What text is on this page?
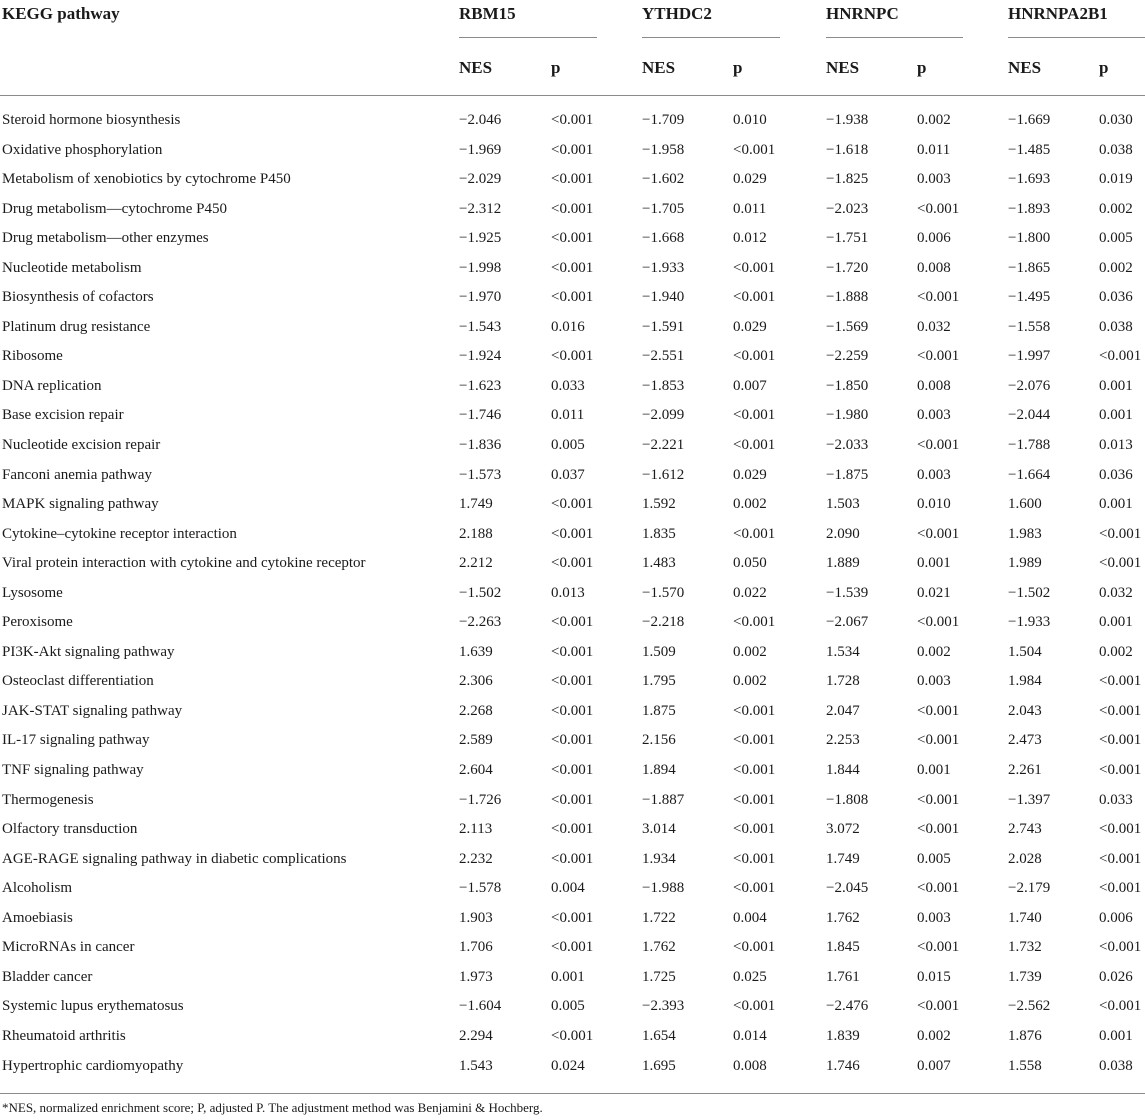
KEGG pathway	RBM15	YTHDC2	HNRNPC	HNRNPA2B1
NES	p	NES	p	NES	p	NES	p
Steroid hormone biosynthesis	−2.046	<0.001	−1.709	0.010	−1.938	0.002	−1.669	0.030
Oxidative phosphorylation	−1.969	<0.001	−1.958	<0.001	−1.618	0.011	−1.485	0.038
Metabolism of xenobiotics by cytochrome P450	−2.029	<0.001	−1.602	0.029	−1.825	0.003	−1.693	0.019
Drug metabolism—cytochrome P450	−2.312	<0.001	−1.705	0.011	−2.023	<0.001	−1.893	0.002
Drug metabolism—other enzymes	−1.925	<0.001	−1.668	0.012	−1.751	0.006	−1.800	0.005
Nucleotide metabolism	−1.998	<0.001	−1.933	<0.001	−1.720	0.008	−1.865	0.002
Biosynthesis of cofactors	−1.970	<0.001	−1.940	<0.001	−1.888	<0.001	−1.495	0.036
Platinum drug resistance	−1.543	0.016	−1.591	0.029	−1.569	0.032	−1.558	0.038
Ribosome	−1.924	<0.001	−2.551	<0.001	−2.259	<0.001	−1.997	<0.001
DNA replication	−1.623	0.033	−1.853	0.007	−1.850	0.008	−2.076	0.001
Base excision repair	−1.746	0.011	−2.099	<0.001	−1.980	0.003	−2.044	0.001
Nucleotide excision repair	−1.836	0.005	−2.221	<0.001	−2.033	<0.001	−1.788	0.013
Fanconi anemia pathway	−1.573	0.037	−1.612	0.029	−1.875	0.003	−1.664	0.036
MAPK signaling pathway	1.749	<0.001	1.592	0.002	1.503	0.010	1.600	0.001
Cytokine–cytokine receptor interaction	2.188	<0.001	1.835	<0.001	2.090	<0.001	1.983	<0.001
Viral protein interaction with cytokine and cytokine receptor	2.212	<0.001	1.483	0.050	1.889	0.001	1.989	<0.001
Lysosome	−1.502	0.013	−1.570	0.022	−1.539	0.021	−1.502	0.032
Peroxisome	−2.263	<0.001	−2.218	<0.001	−2.067	<0.001	−1.933	0.001
PI3K-Akt signaling pathway	1.639	<0.001	1.509	0.002	1.534	0.002	1.504	0.002
Osteoclast differentiation	2.306	<0.001	1.795	0.002	1.728	0.003	1.984	<0.001
JAK-STAT signaling pathway	2.268	<0.001	1.875	<0.001	2.047	<0.001	2.043	<0.001
IL-17 signaling pathway	2.589	<0.001	2.156	<0.001	2.253	<0.001	2.473	<0.001
TNF signaling pathway	2.604	<0.001	1.894	<0.001	1.844	0.001	2.261	<0.001
Thermogenesis	−1.726	<0.001	−1.887	<0.001	−1.808	<0.001	−1.397	0.033
Olfactory transduction	2.113	<0.001	3.014	<0.001	3.072	<0.001	2.743	<0.001
AGE-RAGE signaling pathway in diabetic complications	2.232	<0.001	1.934	<0.001	1.749	0.005	2.028	<0.001
Alcoholism	−1.578	0.004	−1.988	<0.001	−2.045	<0.001	−2.179	<0.001
Amoebiasis	1.903	<0.001	1.722	0.004	1.762	0.003	1.740	0.006
MicroRNAs in cancer	1.706	<0.001	1.762	<0.001	1.845	<0.001	1.732	<0.001
Bladder cancer	1.973	0.001	1.725	0.025	1.761	0.015	1.739	0.026
Systemic lupus erythematosus	−1.604	0.005	−2.393	<0.001	−2.476	<0.001	−2.562	<0.001
Rheumatoid arthritis	2.294	<0.001	1.654	0.014	1.839	0.002	1.876	0.001
Hypertrophic cardiomyopathy	1.543	0.024	1.695	0.008	1.746	0.007	1.558	0.038
*NES, normalized enrichment score; P, adjusted P. The adjustment method was Benjamini & Hochberg.
